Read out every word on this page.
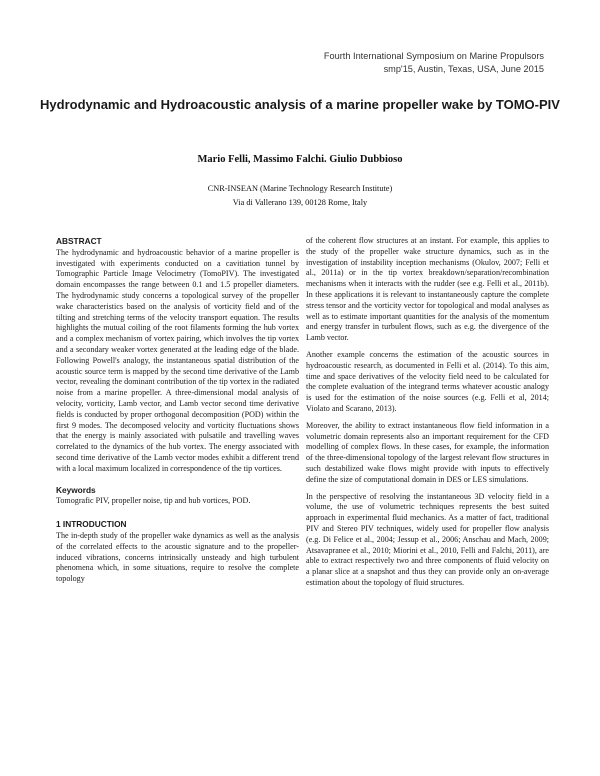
Fourth International Symposium on Marine Propulsors
smp'15, Austin, Texas, USA, June 2015
Hydrodynamic and Hydroacoustic analysis of a marine propeller wake by TOMO-PIV
Mario Felli, Massimo Falchi. Giulio Dubbioso
CNR-INSEAN (Marine Technology Research Institute)
Via di Vallerano 139, 00128 Rome, Italy
ABSTRACT

The hydrodynamic and hydroacoustic behavior of a marine propeller is investigated with experiments conducted on a cavitiation tunnel by Tomographic Particle Image Velocimetry (TomoPIV). The investigated domain encompasses the range between 0.1 and 1.5 propeller diameters. The hydrodynamic study concerns a topological survey of the propeller wake characteristics based on the analysis of vorticity field and of the tilting and stretching terms of the velocity transport equation. The results highlights the mutual coiling of the root filaments forming the hub vortex and a complex mechanism of vortex pairing, which involves the tip vortex and a secondary weaker vortex generated at the leading edge of the blade. Following Powell's analogy, the instantaneous spatial distribution of the acoustic source term is mapped by the second time derivative of the Lamb vector, revealing the dominant contribution of the tip vortex in the radiated noise from a marine propeller. A three-dimensional modal analysis of velocity, vorticity, Lamb vector, and Lamb vector second time derivative fields is conducted by proper orthogonal decomposition (POD) within the first 9 modes. The decomposed velocity and vorticity fluctuations shows that the energy is mainly associated with pulsatile and travelling waves correlated to the dynamics of the hub vortex. The energy associated with second time derivative of the Lamb vector modes exhibit a different trend with a local maximum localized in correspondence of the tip vortices.

Keywords

Tomografic PIV, propeller noise, tip and hub vortices, POD.

1 INTRODUCTION

The in-depth study of the propeller wake dynamics as well as the analysis of the correlated effects to the acoustic signature and to the propeller-induced vibrations, concerns intrinsically unsteady and high turbulent phenomena which, in some situations, require to resolve the complete topology

of the coherent flow structures at an instant. For example, this applies to the study of the propeller wake structure dynamics, such as in the investigation of instability inception mechanisms (Okulov, 2007; Felli et al., 2011a) or in the tip vortex breakdown/separation/recombination mechanisms when it interacts with the rudder (see e.g. Felli et al., 2011b). In these applications it is relevant to instantaneously capture the complete stress tensor and the vorticity vector for topological and modal analyses as well as to estimate important quantities for the analysis of the momentum and energy transfer in turbulent flows, such as e.g. the divergence of the Lamb vector.

Another example concerns the estimation of the acoustic sources in hydroacoustic research, as documented in Felli et al. (2014). To this aim, time and space derivatives of the velocity field need to be calculated for the complete evaluation of the integrand terms whatever acoustic analogy is used for the estimation of the noise sources (e.g. Felli et al, 2014; Violato and Scarano, 2013).

Moreover, the ability to extract instantaneous flow field information in a volumetric domain represents also an important requirement for the CFD modelling of complex flows. In these cases, for example, the information of the three-dimensional topology of the largest relevant flow structures in such destabilized wake flows might provide with inputs to effectively define the size of computational domain in DES or LES simulations.

In the perspective of resolving the instantaneous 3D velocity field in a volume, the use of volumetric techniques represents the best suited approach in experimental fluid mechanics. As a matter of fact, traditional PIV and Stereo PIV techniques, widely used for propeller flow analysis (e.g. Di Felice et al., 2004; Jessup et al., 2006; Anschau and Mach, 2009; Atsavapranee et al., 2010; Miorini et al., 2010, Felli and Falchi, 2011), are able to extract respectively two and three components of fluid velocity on a planar slice at a snapshot and thus they can provide only an on-average estimation about the topology of fluid structures.
